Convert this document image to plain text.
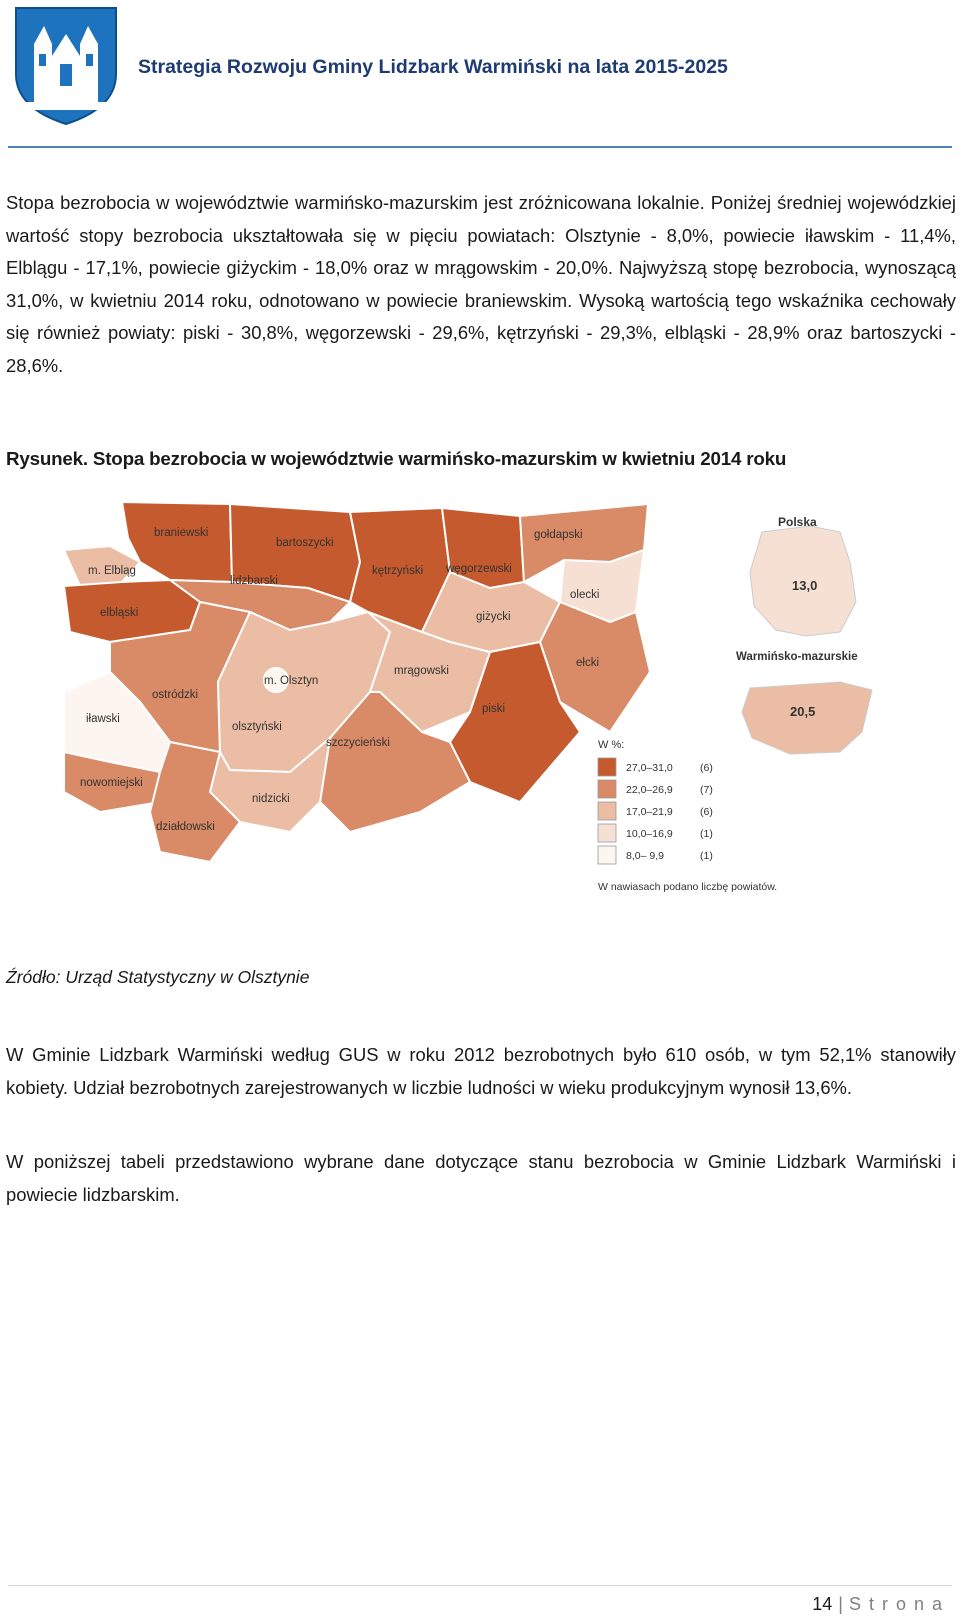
Strategia Rozwoju Gminy Lidzbark Warmiński na lata 2015-2025

Stopa bezrobocia w województwie warmińsko-mazurskim jest zróżnicowana lokalnie. Poniżej średniej wojewódzkiej wartość stopy bezrobocia ukształtowała się w pięciu powiatach: Olsztynie - 8,0%, powiecie iławskim - 11,4%, Elblągu - 17,1%, powiecie giżyckim - 18,0% oraz w mrągowskim - 20,0%. Najwyższą stopę bezrobocia, wynoszącą 31,0%, w kwietniu 2014 roku, odnotowano w powiecie braniewskim. Wysoką wartością tego wskaźnika cechowały się również powiaty: piski - 30,8%, węgorzewski - 29,6%, kętrzyński - 29,3%, elbląski - 28,9% oraz bartoszycki - 28,6%.

Rysunek. Stopa bezrobocia w województwie warmińsko-mazurskim w kwietniu 2014 roku
braniewski
bartoszycki
kętrzyński węgorzewski
gołdapski
m. Elbląg
elbląski
lidzbarski
giżycki
olecki
ełcki
ostródzki
m. Olsztyn
olsztyński
mrągowski
piski
szczycieński
iławski
nowomiejski
nidzicki
działdowski
Polska
13,0
Warmińsko-mazurskie
20,5
W %:
27,0–31,0	(6)
22,0–26,9	(7)
17,0–21,9	(6)
10,0–16,9	(1)
8,0– 9,9	(1)
W nawiasach podano liczbę powiatów.
Źródło: Urząd Statystyczny w Olsztynie

W Gminie Lidzbark Warmiński według GUS w roku 2012 bezrobotnych było 610 osób, w tym 52,1% stanowiły kobiety. Udział bezrobotnych zarejestrowanych w liczbie ludności w wieku produkcyjnym wynosił 13,6%.

W poniższej tabeli przedstawiono wybrane dane dotyczące stanu bezrobocia w Gminie Lidzbark Warmiński i powiecie lidzbarskim.

14 | Strona
